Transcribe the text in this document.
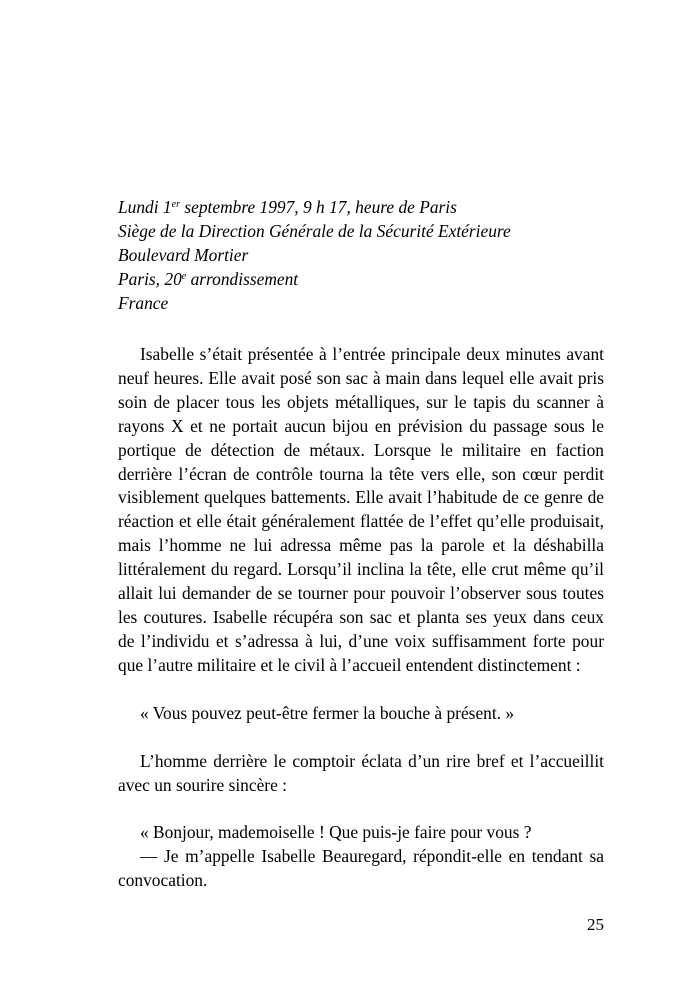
Lundi 1er septembre 1997, 9 h 17, heure de Paris
Siège de la Direction Générale de la Sécurité Extérieure
Boulevard Mortier
Paris, 20e arrondissement
France

Isabelle s’était présentée à l’entrée principale deux minutes avant neuf heures. Elle avait posé son sac à main dans lequel elle avait pris soin de placer tous les objets métalliques, sur le tapis du scanner à rayons X et ne portait aucun bijou en prévision du passage sous le portique de détection de métaux. Lorsque le militaire en faction derrière l’écran de contrôle tourna la tête vers elle, son cœur perdit visiblement quelques battements. Elle avait l’habitude de ce genre de réaction et elle était généralement flattée de l’effet qu’elle produisait, mais l’homme ne lui adressa même pas la parole et la déshabilla littéralement du regard. Lorsqu’il inclina la tête, elle crut même qu’il allait lui demander de se tourner pour pouvoir l’observer sous toutes les coutures. Isabelle récupéra son sac et planta ses yeux dans ceux de l’individu et s’adressa à lui, d’une voix suffisamment forte pour que l’autre militaire et le civil à l’accueil entendent distinctement :

« Vous pouvez peut-être fermer la bouche à présent. »

L’homme derrière le comptoir éclata d’un rire bref et l’accueillit avec un sourire sincère :

« Bonjour, mademoiselle ! Que puis-je faire pour vous ?

— Je m’appelle Isabelle Beauregard, répondit-elle en tendant sa convocation.

25
